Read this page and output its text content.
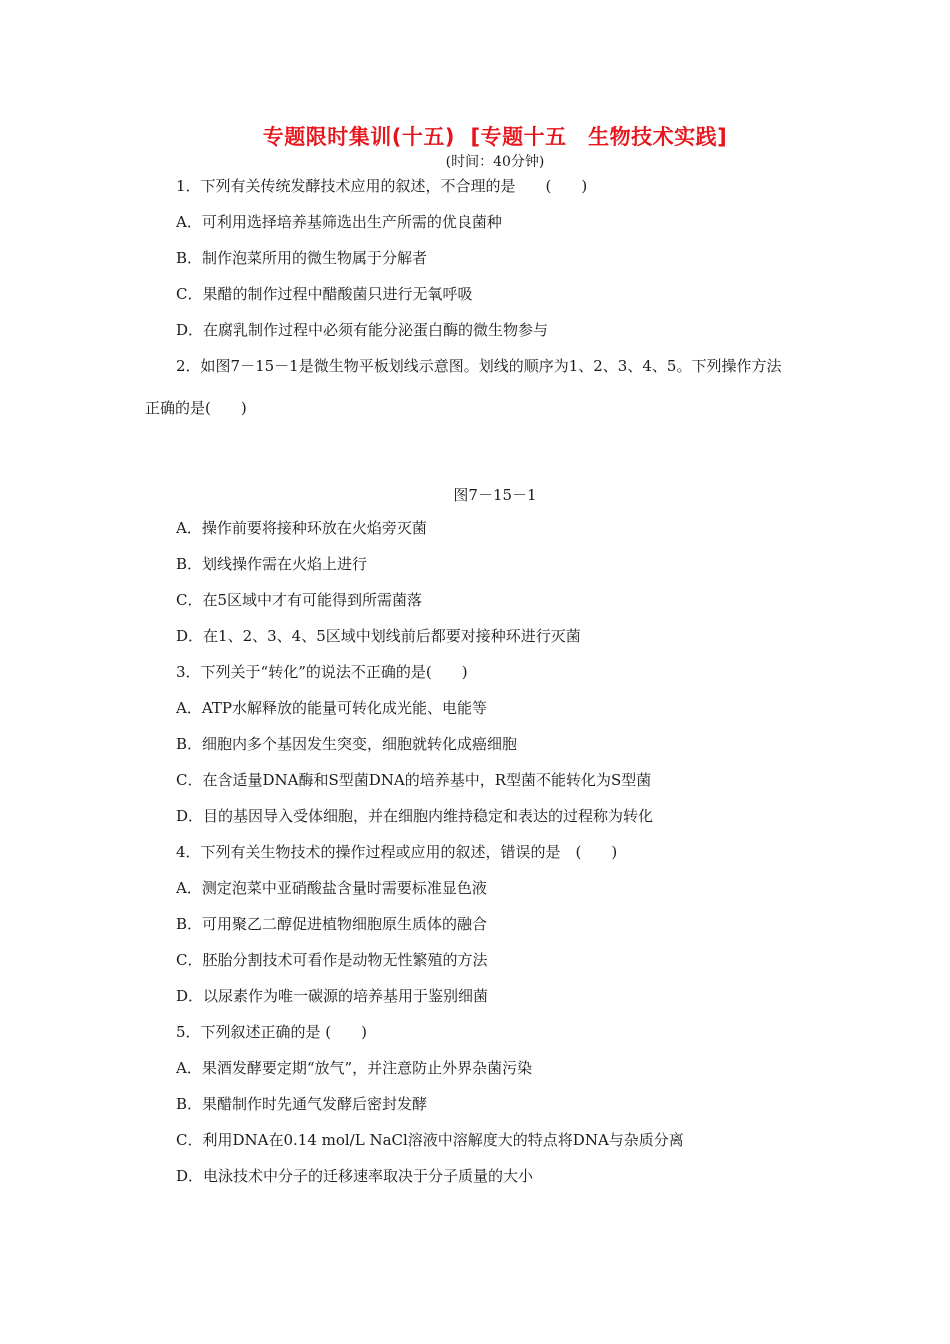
专题限时集训(十五)  [专题十五　生物技术实践]
(时间：40分钟)
1．下列有关传统发酵技术应用的叙述，不合理的是　　(　　)
A．可利用选择培养基筛选出生产所需的优良菌种
B．制作泡菜所用的微生物属于分解者
C．果醋的制作过程中醋酸菌只进行无氧呼吸
D．在腐乳制作过程中必须有能分泌蛋白酶的微生物参与
2．如图7－15－1是微生物平板划线示意图。划线的顺序为1、2、3、4、5。下列操作方法
正确的是(　　)
图7－15－1
A．操作前要将接种环放在火焰旁灭菌
B．划线操作需在火焰上进行
C．在5区域中才有可能得到所需菌落
D．在1、2、3、4、5区域中划线前后都要对接种环进行灭菌
3．下列关于“转化”的说法不正确的是(　　)
A．ATP水解释放的能量可转化成光能、电能等
B．细胞内多个基因发生突变，细胞就转化成癌细胞
C．在含适量DNA酶和S型菌DNA的培养基中，R型菌不能转化为S型菌
D．目的基因导入受体细胞，并在细胞内维持稳定和表达的过程称为转化
4．下列有关生物技术的操作过程或应用的叙述，错误的是　(　　)
A．测定泡菜中亚硝酸盐含量时需要标准显色液
B．可用聚乙二醇促进植物细胞原生质体的融合
C．胚胎分割技术可看作是动物无性繁殖的方法
D．以尿素作为唯一碳源的培养基用于鉴别细菌
5．下列叙述正确的是 (　　)
A．果酒发酵要定期“放气”，并注意防止外界杂菌污染
B．果醋制作时先通气发酵后密封发酵
C．利用DNA在0.14 mol/L NaCl溶液中溶解度大的特点将DNA与杂质分离
D．电泳技术中分子的迁移速率取决于分子质量的大小
